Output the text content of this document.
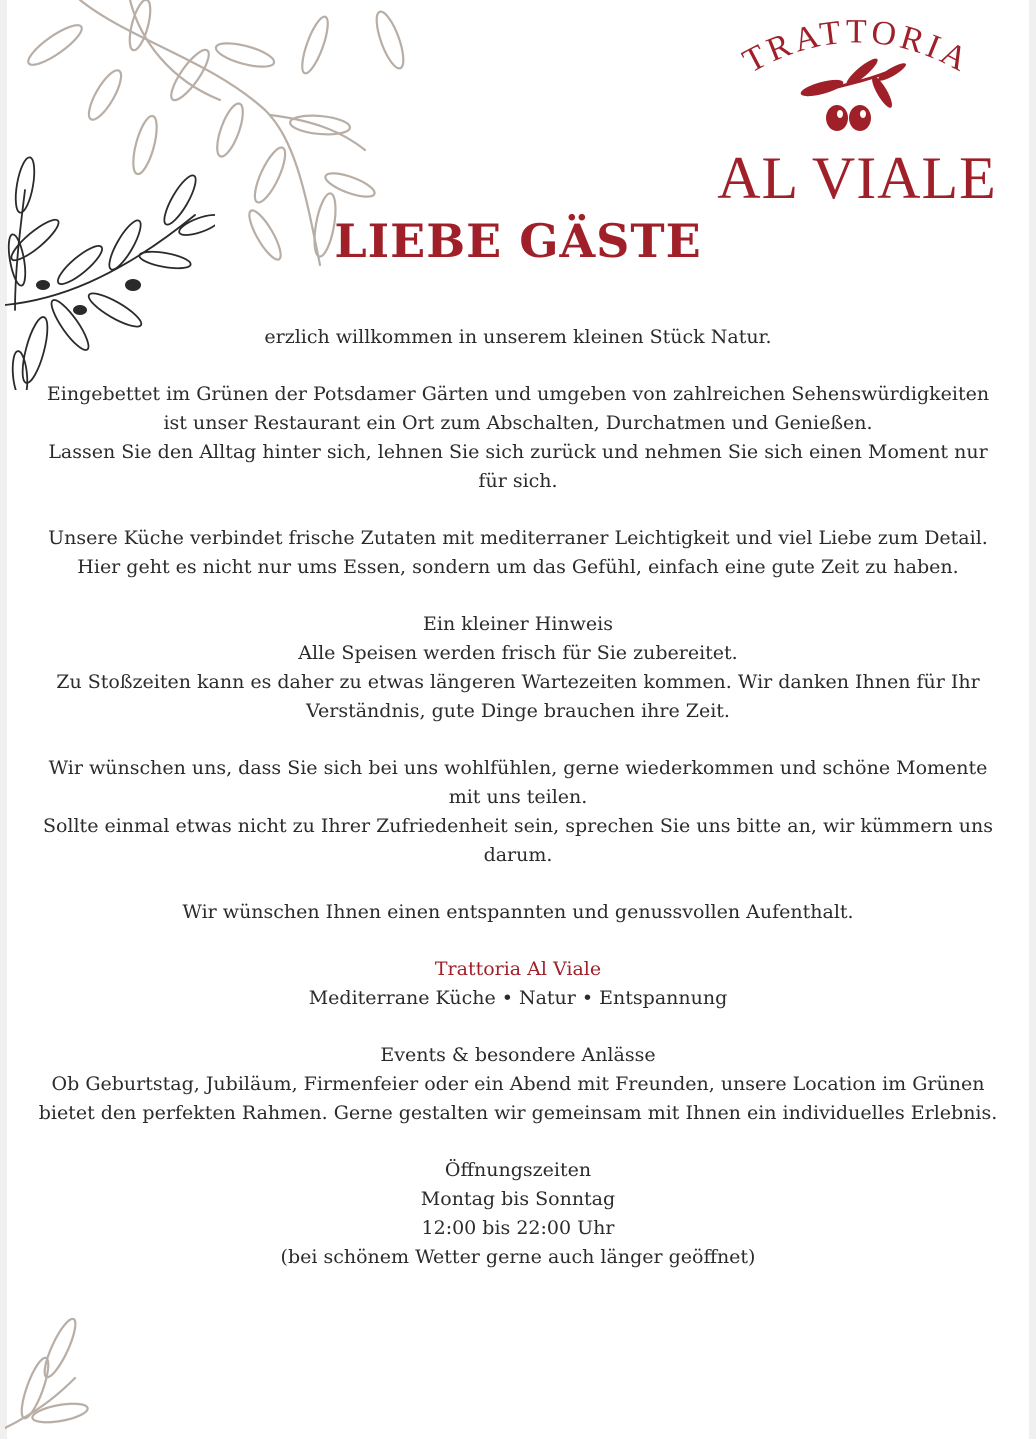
TRATTORIA
AL VIALE
LIEBE GÄSTE

erzlich willkommen in unserem kleinen Stück Natur.

Eingebettet im Grünen der Potsdamer Gärten und umgeben von zahlreichen Sehenswürdigkeiten

ist unser Restaurant ein Ort zum Abschalten, Durchatmen und Genießen.

Lassen Sie den Alltag hinter sich, lehnen Sie sich zurück und nehmen Sie sich einen Moment nur

für sich.

Unsere Küche verbindet frische Zutaten mit mediterraner Leichtigkeit und viel Liebe zum Detail.

Hier geht es nicht nur ums Essen, sondern um das Gefühl, einfach eine gute Zeit zu haben.

Ein kleiner Hinweis

Alle Speisen werden frisch für Sie zubereitet.

Zu Stoßzeiten kann es daher zu etwas längeren Wartezeiten kommen. Wir danken Ihnen für Ihr

Verständnis, gute Dinge brauchen ihre Zeit.

Wir wünschen uns, dass Sie sich bei uns wohlfühlen, gerne wiederkommen und schöne Momente

mit uns teilen.

Sollte einmal etwas nicht zu Ihrer Zufriedenheit sein, sprechen Sie uns bitte an, wir kümmern uns

darum.

Wir wünschen Ihnen einen entspannten und genussvollen Aufenthalt.

Trattoria Al Viale

Mediterrane Küche • Natur • Entspannung

Events & besondere Anlässe

Ob Geburtstag, Jubiläum, Firmenfeier oder ein Abend mit Freunden, unsere Location im Grünen

bietet den perfekten Rahmen. Gerne gestalten wir gemeinsam mit Ihnen ein individuelles Erlebnis.

Öffnungszeiten

Montag bis Sonntag

12:00 bis 22:00 Uhr

(bei schönem Wetter gerne auch länger geöffnet)
